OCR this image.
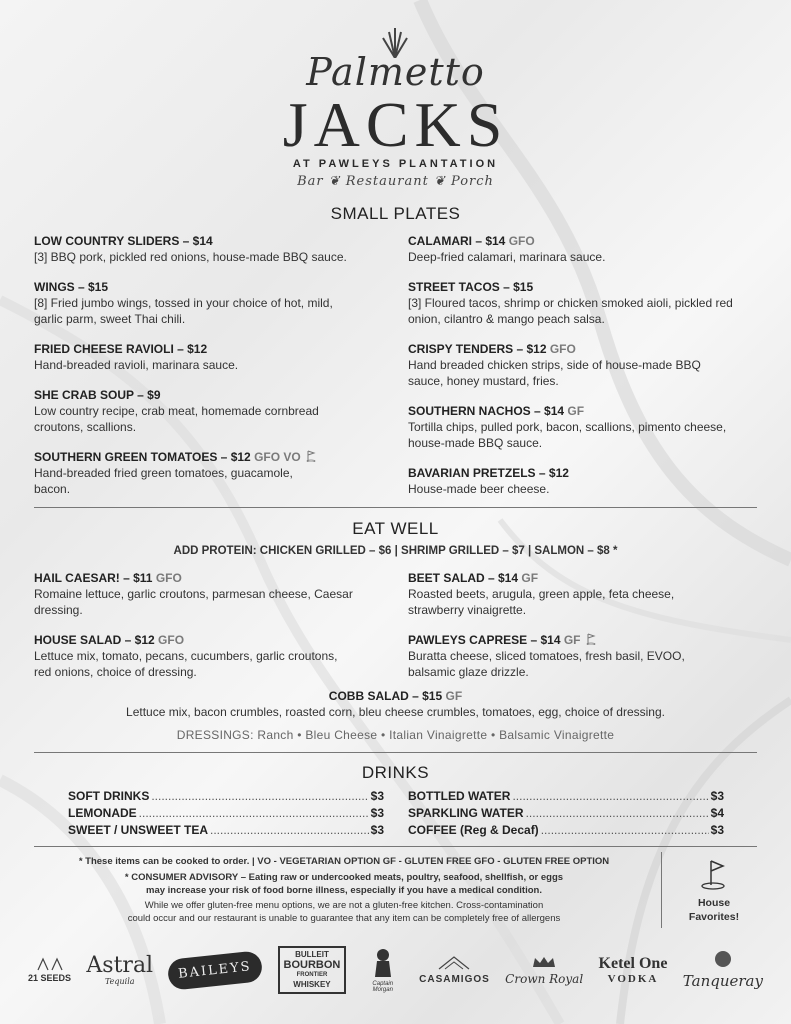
Palmetto
JACKS
AT PAWLEYS PLANTATION
Bar ❦ Restaurant ❦ Porch
SMALL PLATES
LOW COUNTRY SLIDERS – $14
[3] BBQ pork, pickled red onions, house-made BBQ sauce.
WINGS – $15
[8] Fried jumbo wings, tossed in your choice of hot, mild, garlic parm, sweet Thai chili.
FRIED CHEESE RAVIOLI – $12
Hand-breaded ravioli, marinara sauce.
SHE CRAB SOUP – $9
Low country recipe, crab meat, homemade cornbread croutons, scallions.
SOUTHERN GREEN TOMATOES – $12 GFO VO
Hand-breaded fried green tomatoes, guacamole, bacon.
CALAMARI – $14 GFO
Deep-fried calamari, marinara sauce.
STREET TACOS – $15
[3] Floured tacos, shrimp or chicken smoked aioli, pickled red onion, cilantro & mango peach salsa.
CRISPY TENDERS – $12 GFO
Hand breaded chicken strips, side of house-made BBQ sauce, honey mustard, fries.
SOUTHERN NACHOS – $14 GF
Tortilla chips, pulled pork, bacon, scallions, pimento cheese, house-made BBQ sauce.
BAVARIAN PRETZELS – $12
House-made beer cheese.
EAT WELL
ADD PROTEIN: CHICKEN GRILLED – $6 | SHRIMP GRILLED – $7 | SALMON – $8 *
HAIL CAESAR! – $11 GFO
Romaine lettuce, garlic croutons, parmesan cheese, Caesar dressing.
HOUSE SALAD – $12 GFO
Lettuce mix, tomato, pecans, cucumbers, garlic croutons, red onions, choice of dressing.
BEET SALAD – $14 GF
Roasted beets, arugula, green apple, feta cheese, strawberry vinaigrette.
PAWLEYS CAPRESE – $14 GF
Buratta cheese, sliced tomatoes, fresh basil, EVOO, balsamic glaze drizzle.
COBB SALAD – $15 GF
Lettuce mix, bacon crumbles, roasted corn, bleu cheese crumbles, tomatoes, egg, choice of dressing.
DRESSINGS: Ranch • Bleu Cheese • Italian Vinaigrette • Balsamic Vinaigrette
DRINKS
SOFT DRINKS .....	$3
LEMONADE .....	$3
SWEET / UNSWEET TEA .....	$3
BOTTLED WATER .....	$3
SPARKLING WATER .....	$4
COFFEE (Reg & Decaf) .....	$3
* These items can be cooked to order. | VO - VEGETARIAN OPTION GF - GLUTEN FREE GFO - GLUTEN FREE OPTION
* CONSUMER ADVISORY – Eating raw or undercooked meats, poultry, seafood, shellfish, or eggs
may increase your risk of food borne illness, especially if you have a medical condition.
While we offer gluten-free menu options, we are not a gluten-free kitchen. Cross-contamination
could occur and our restaurant is unable to guarantee that any item can be completely free of allergens
House Favorites!
21 SEEDS
Astral
Tequila	BAILEYS
BULLEIT
BOURBON
FRONTIER
WHISKEY	Captain Morgan
CASAMIGOS Crown Royal
Ketel One
VODKA	Tanqueray
